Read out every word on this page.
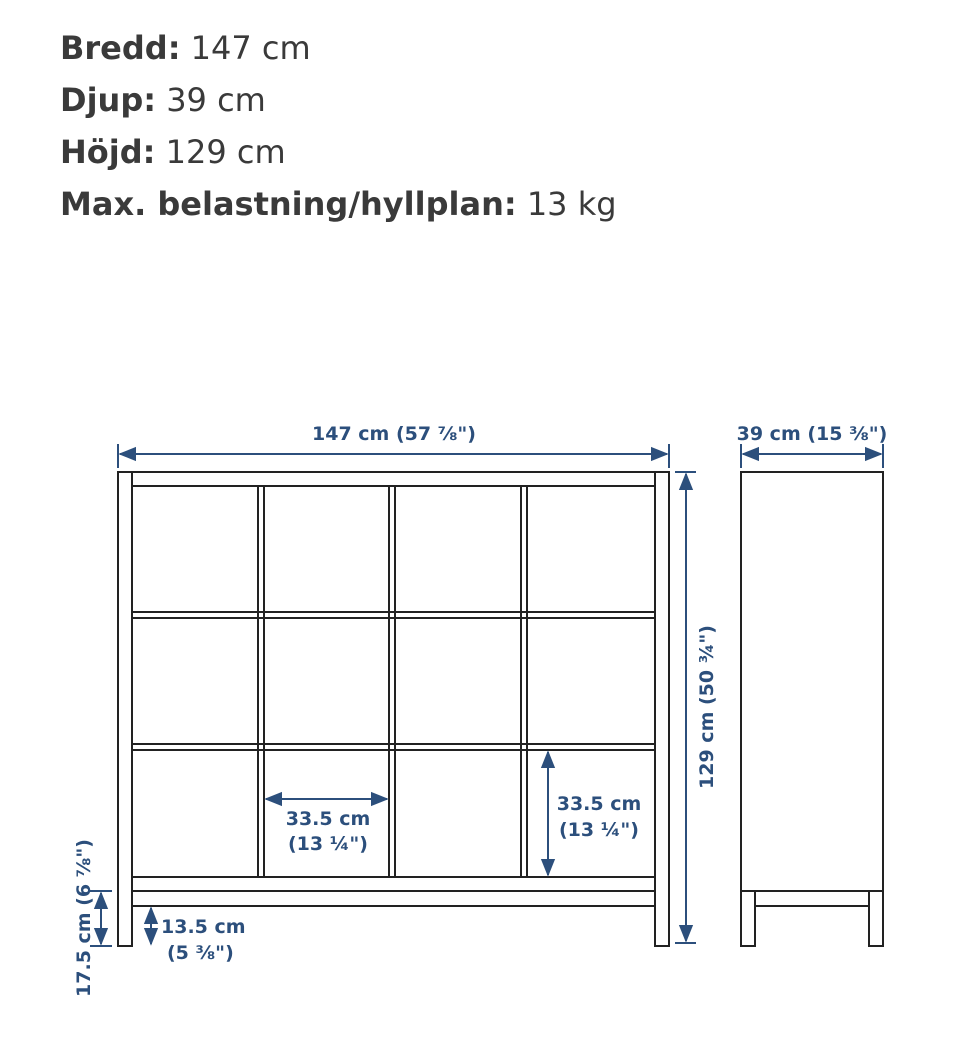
Bredd: 147 cm
Djup: 39 cm
Höjd: 129 cm
Max. belastning/hyllplan: 13 kg
147 cm (57 ⅞")	39 cm (15 ⅜")
129 cm (50 ¾")
33.5 cm
(13 ¼")
33.5 cm
(13 ¼")
17.5 cm (6 ⅞")	13.5 cm
(5 ⅜")
